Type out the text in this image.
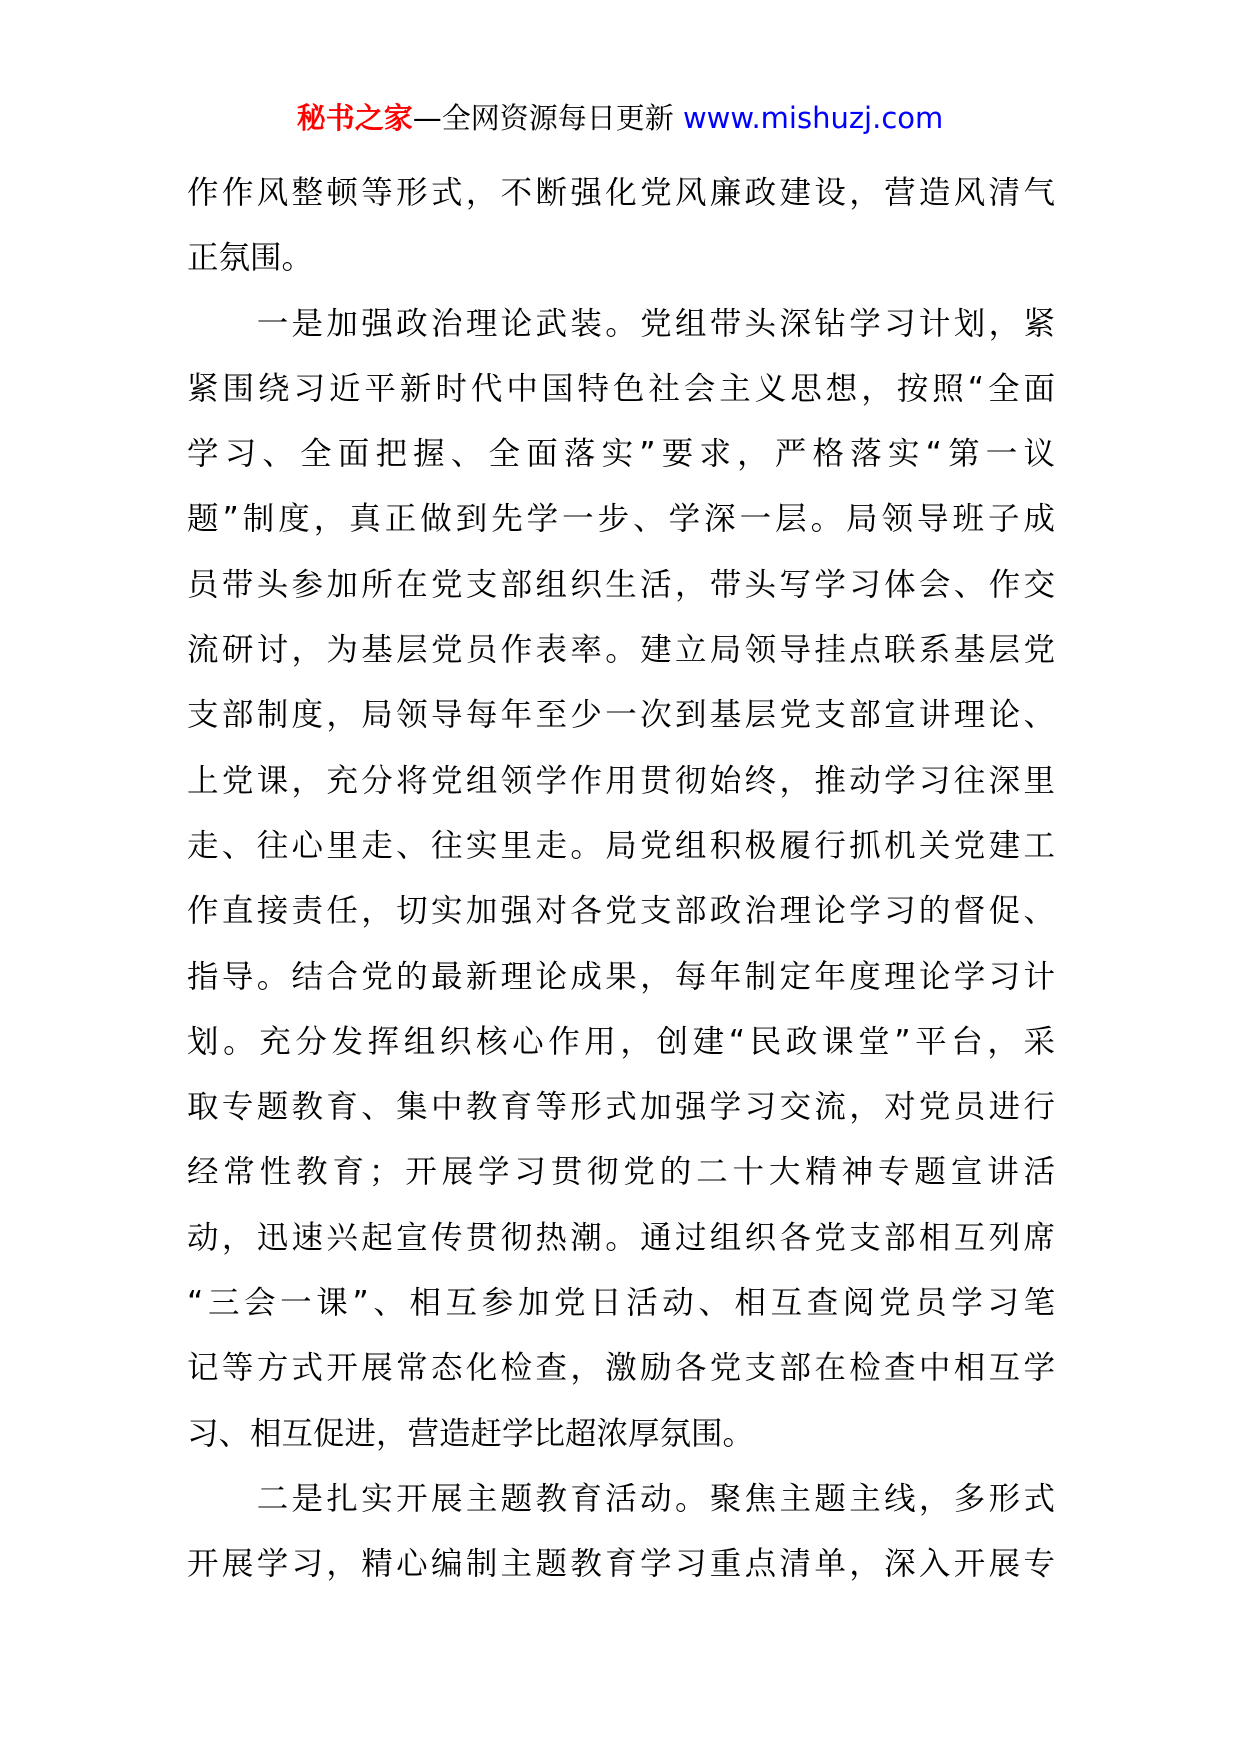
秘书之家—全网资源每日更新 www.mishuzj.com
作作风整顿等形式，不断强化党风廉政建设，营造风清气
正氛围。
　　一是加强政治理论武装。党组带头深钻学习计划，紧
紧围绕习近平新时代中国特色社会主义思想，按照“全面
学习、全面把握、全面落实”要求，严格落实“第一议
题”制度，真正做到先学一步、学深一层。局领导班子成
员带头参加所在党支部组织生活，带头写学习体会、作交
流研讨，为基层党员作表率。建立局领导挂点联系基层党
支部制度，局领导每年至少一次到基层党支部宣讲理论、
上党课，充分将党组领学作用贯彻始终，推动学习往深里
走、往心里走、往实里走。局党组积极履行抓机关党建工
作直接责任，切实加强对各党支部政治理论学习的督促、
指导。结合党的最新理论成果，每年制定年度理论学习计
划。充分发挥组织核心作用，创建“民政课堂”平台，采
取专题教育、集中教育等形式加强学习交流，对党员进行
经常性教育；开展学习贯彻党的二十大精神专题宣讲活
动，迅速兴起宣传贯彻热潮。通过组织各党支部相互列席
“三会一课”、相互参加党日活动、相互查阅党员学习笔
记等方式开展常态化检查，激励各党支部在检查中相互学
习、相互促进，营造赶学比超浓厚氛围。
　　二是扎实开展主题教育活动。聚焦主题主线，多形式
开展学习，精心编制主题教育学习重点清单，深入开展专
